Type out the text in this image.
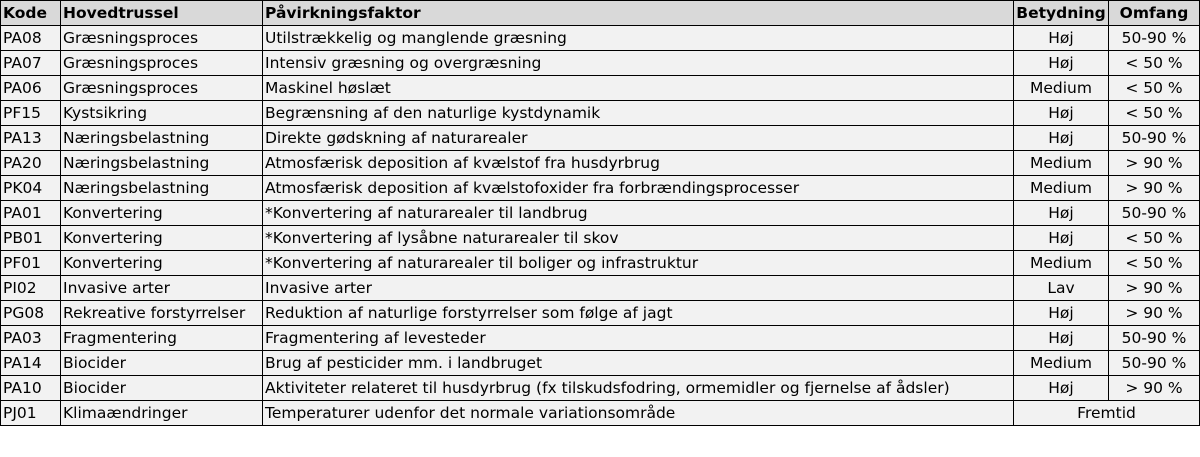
Kode	Hovedtrussel	Påvirkningsfaktor	Betydning	Omfang
PA08	Græsningsproces	Utilstrækkelig og manglende græsning	Høj	50-90 %
PA07	Græsningsproces	Intensiv græsning og overgræsning	Høj	< 50 %
PA06	Græsningsproces	Maskinel høslæt	Medium	< 50 %
PF15	Kystsikring	Begrænsning af den naturlige kystdynamik	Høj	< 50 %
PA13	Næringsbelastning	Direkte gødskning af naturarealer	Høj	50-90 %
PA20	Næringsbelastning	Atmosfærisk deposition af kvælstof fra husdyrbrug	Medium	> 90 %
PK04	Næringsbelastning	Atmosfærisk deposition af kvælstofoxider fra forbrændingsprocesser	Medium	> 90 %
PA01	Konvertering	*Konvertering af naturarealer til landbrug	Høj	50-90 %
PB01	Konvertering	*Konvertering af lysåbne naturarealer til skov	Høj	< 50 %
PF01	Konvertering	*Konvertering af naturarealer til boliger og infrastruktur	Medium	< 50 %
PI02	Invasive arter	Invasive arter	Lav	> 90 %
PG08	Rekreative forstyrrelser	Reduktion af naturlige forstyrrelser som følge af jagt	Høj	> 90 %
PA03	Fragmentering	Fragmentering af levesteder	Høj	50-90 %
PA14	Biocider	Brug af pesticider mm. i landbruget	Medium	50-90 %
PA10	Biocider	Aktiviteter relateret til husdyrbrug (fx tilskudsfodring, ormemidler og fjernelse af ådsler)	Høj	> 90 %
PJ01	Klimaændringer	Temperaturer udenfor det normale variationsområde	Fremtid	
